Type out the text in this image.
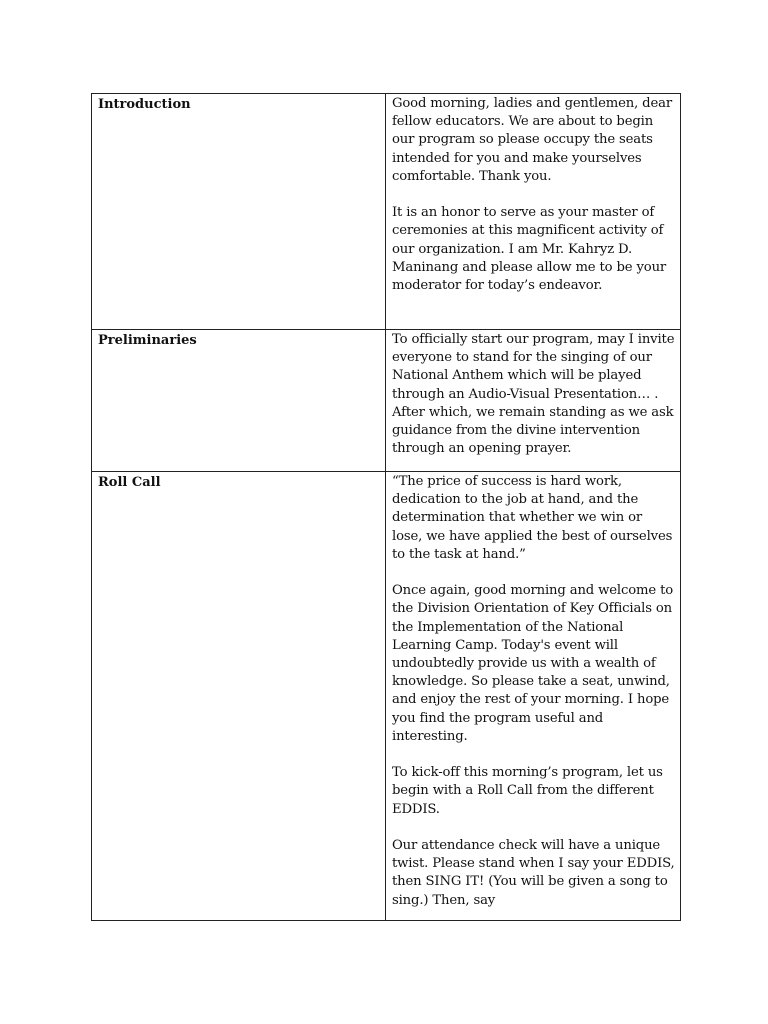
Introduction	Good morning, ladies and gentlemen, dear fellow educators. We are about to begin our program so please occupy the seats intended for you and make yourselves comfortable. Thank you.

It is an honor to serve as your master of ceremonies at this magnificent activity of our organization. I am Mr. Kahryz D. Maninang and please allow me to be your moderator for today’s endeavor.

Preliminaries	To officially start our program, may I invite everyone to stand for the singing of our National Anthem which will be played through an Audio-Visual Presentation… . After which, we remain standing as we ask guidance from the divine intervention through an opening prayer.

Roll Call	“The price of success is hard work, dedication to the job at hand, and the determination that whether we win or lose, we have applied the best of ourselves to the task at hand.”

Once again, good morning and welcome to the Division Orientation of Key Officials on the Implementation of the National Learning Camp. Today's event will undoubtedly provide us with a wealth of knowledge. So please take a seat, unwind, and enjoy the rest of your morning. I hope you find the program useful and interesting.

To kick-off this morning’s program, let us begin with a Roll Call from the different EDDIS.

Our attendance check will have a unique twist. Please stand when I say your EDDIS, then SING IT! (You will be given a song to sing.) Then, say
